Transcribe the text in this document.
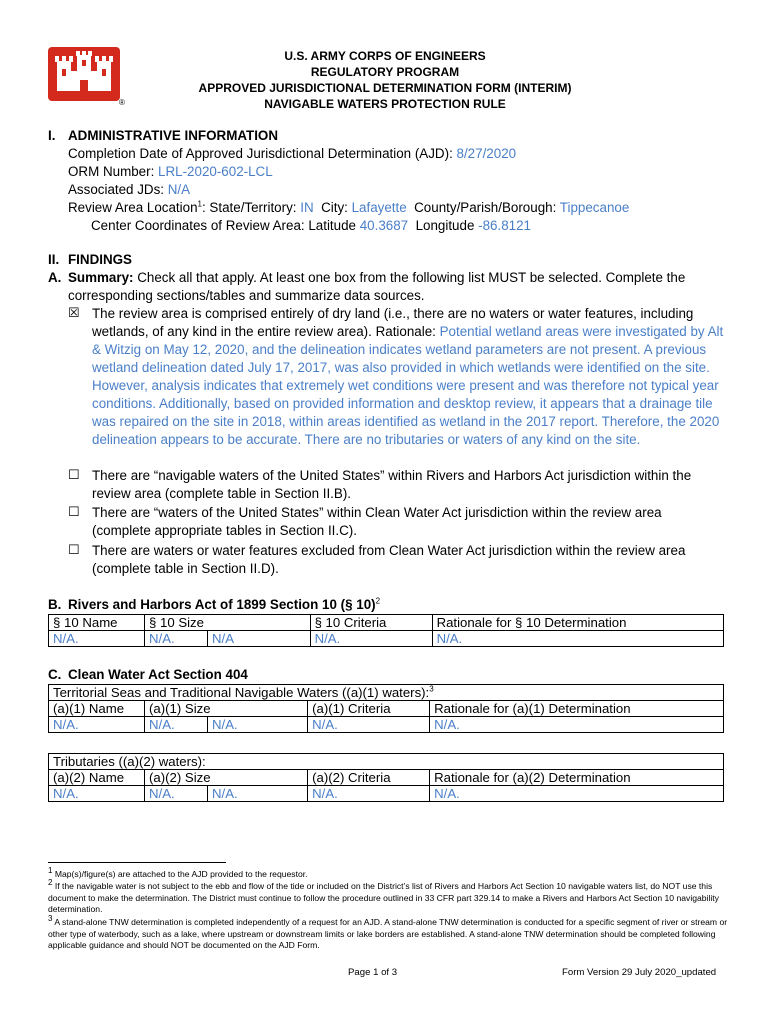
®
U.S. ARMY CORPS OF ENGINEERS
REGULATORY PROGRAM
APPROVED JURISDICTIONAL DETERMINATION FORM (INTERIM)
NAVIGABLE WATERS PROTECTION RULE
I. ADMINISTRATIVE INFORMATION
Completion Date of Approved Jurisdictional Determination (AJD): 8/27/2020
ORM Number: LRL-2020-602-LCL
Associated JDs: N/A
Review Area Location$^1$: State/Territory: IN City: Lafayette County/Parish/Borough: Tippecanoe
Center Coordinates of Review Area: Latitude 40.3687 Longitude -86.8121
II. FINDINGS
A. Summary: Check all that apply. At least one box from the following list MUST be selected. Complete the
corresponding sections/tables and summarize data sources.
☒ The review area is comprised entirely of dry land (i.e., there are no waters or water features, including wetlands, of any kind in the entire review area). Rationale: Potential wetland areas were investigated by Alt & Witzig on May 12, 2020, and the delineation indicates wetland parameters are not present. A previous wetland delineation dated July 17, 2017, was also provided in which wetlands were identified on the site. However, analysis indicates that extremely wet conditions were present and was therefore not typical year conditions. Additionally, based on provided information and desktop review, it appears that a drainage tile was repaired on the site in 2018, within areas identified as wetland in the 2017 report. Therefore, the 2020 delineation appears to be accurate. There are no tributaries or waters of any kind on the site.
☐ There are “navigable waters of the United States” within Rivers and Harbors Act jurisdiction within the
review area (complete table in Section II.B).
☐ There are “waters of the United States” within Clean Water Act jurisdiction within the review area
(complete appropriate tables in Section II.C).
☐ There are waters or water features excluded from Clean Water Act jurisdiction within the review area
(complete table in Section II.D).
B. Rivers and Harbors Act of 1899 Section 10 (§ 10)$^2$
§ 10 Name	§ 10 Size		§ 10 Criteria	Rationale for § 10 Determination
N/A.	N/A.	N/A	N/A.	N/A.
C. Clean Water Act Section 404
Territorial Seas and Traditional Navigable Waters ((a)(1) waters):$^3$
(a)(1) Name	(a)(1) Size		(a)(1) Criteria	Rationale for (a)(1) Determination
N/A.	N/A.	N/A.	N/A.	N/A.
Tributaries ((a)(2) waters):				
(a)(2) Name	(a)(2) Size		(a)(2) Criteria	Rationale for (a)(2) Determination
N/A.	N/A.	N/A.	N/A.	N/A.
$^1$ Map(s)/figure(s) are attached to the AJD provided to the requestor.
$^2$ If the navigable water is not subject to the ebb and flow of the tide or included on the District’s list of Rivers and Harbors Act Section 10 navigable waters list, do NOT use this document to make the determination. The District must continue to follow the procedure outlined in 33 CFR part 329.14 to make a Rivers and Harbors Act Section 10 navigability determination.
$^3$ A stand-alone TNW determination is completed independently of a request for an AJD. A stand-alone TNW determination is conducted for a specific segment of river or stream or other type of waterbody, such as a lake, where upstream or downstream limits or lake borders are established. A stand-alone TNW determination should be completed following applicable guidance and should NOT be documented on the AJD Form.
Page 1 of 3	Form Version 29 July 2020_updated
